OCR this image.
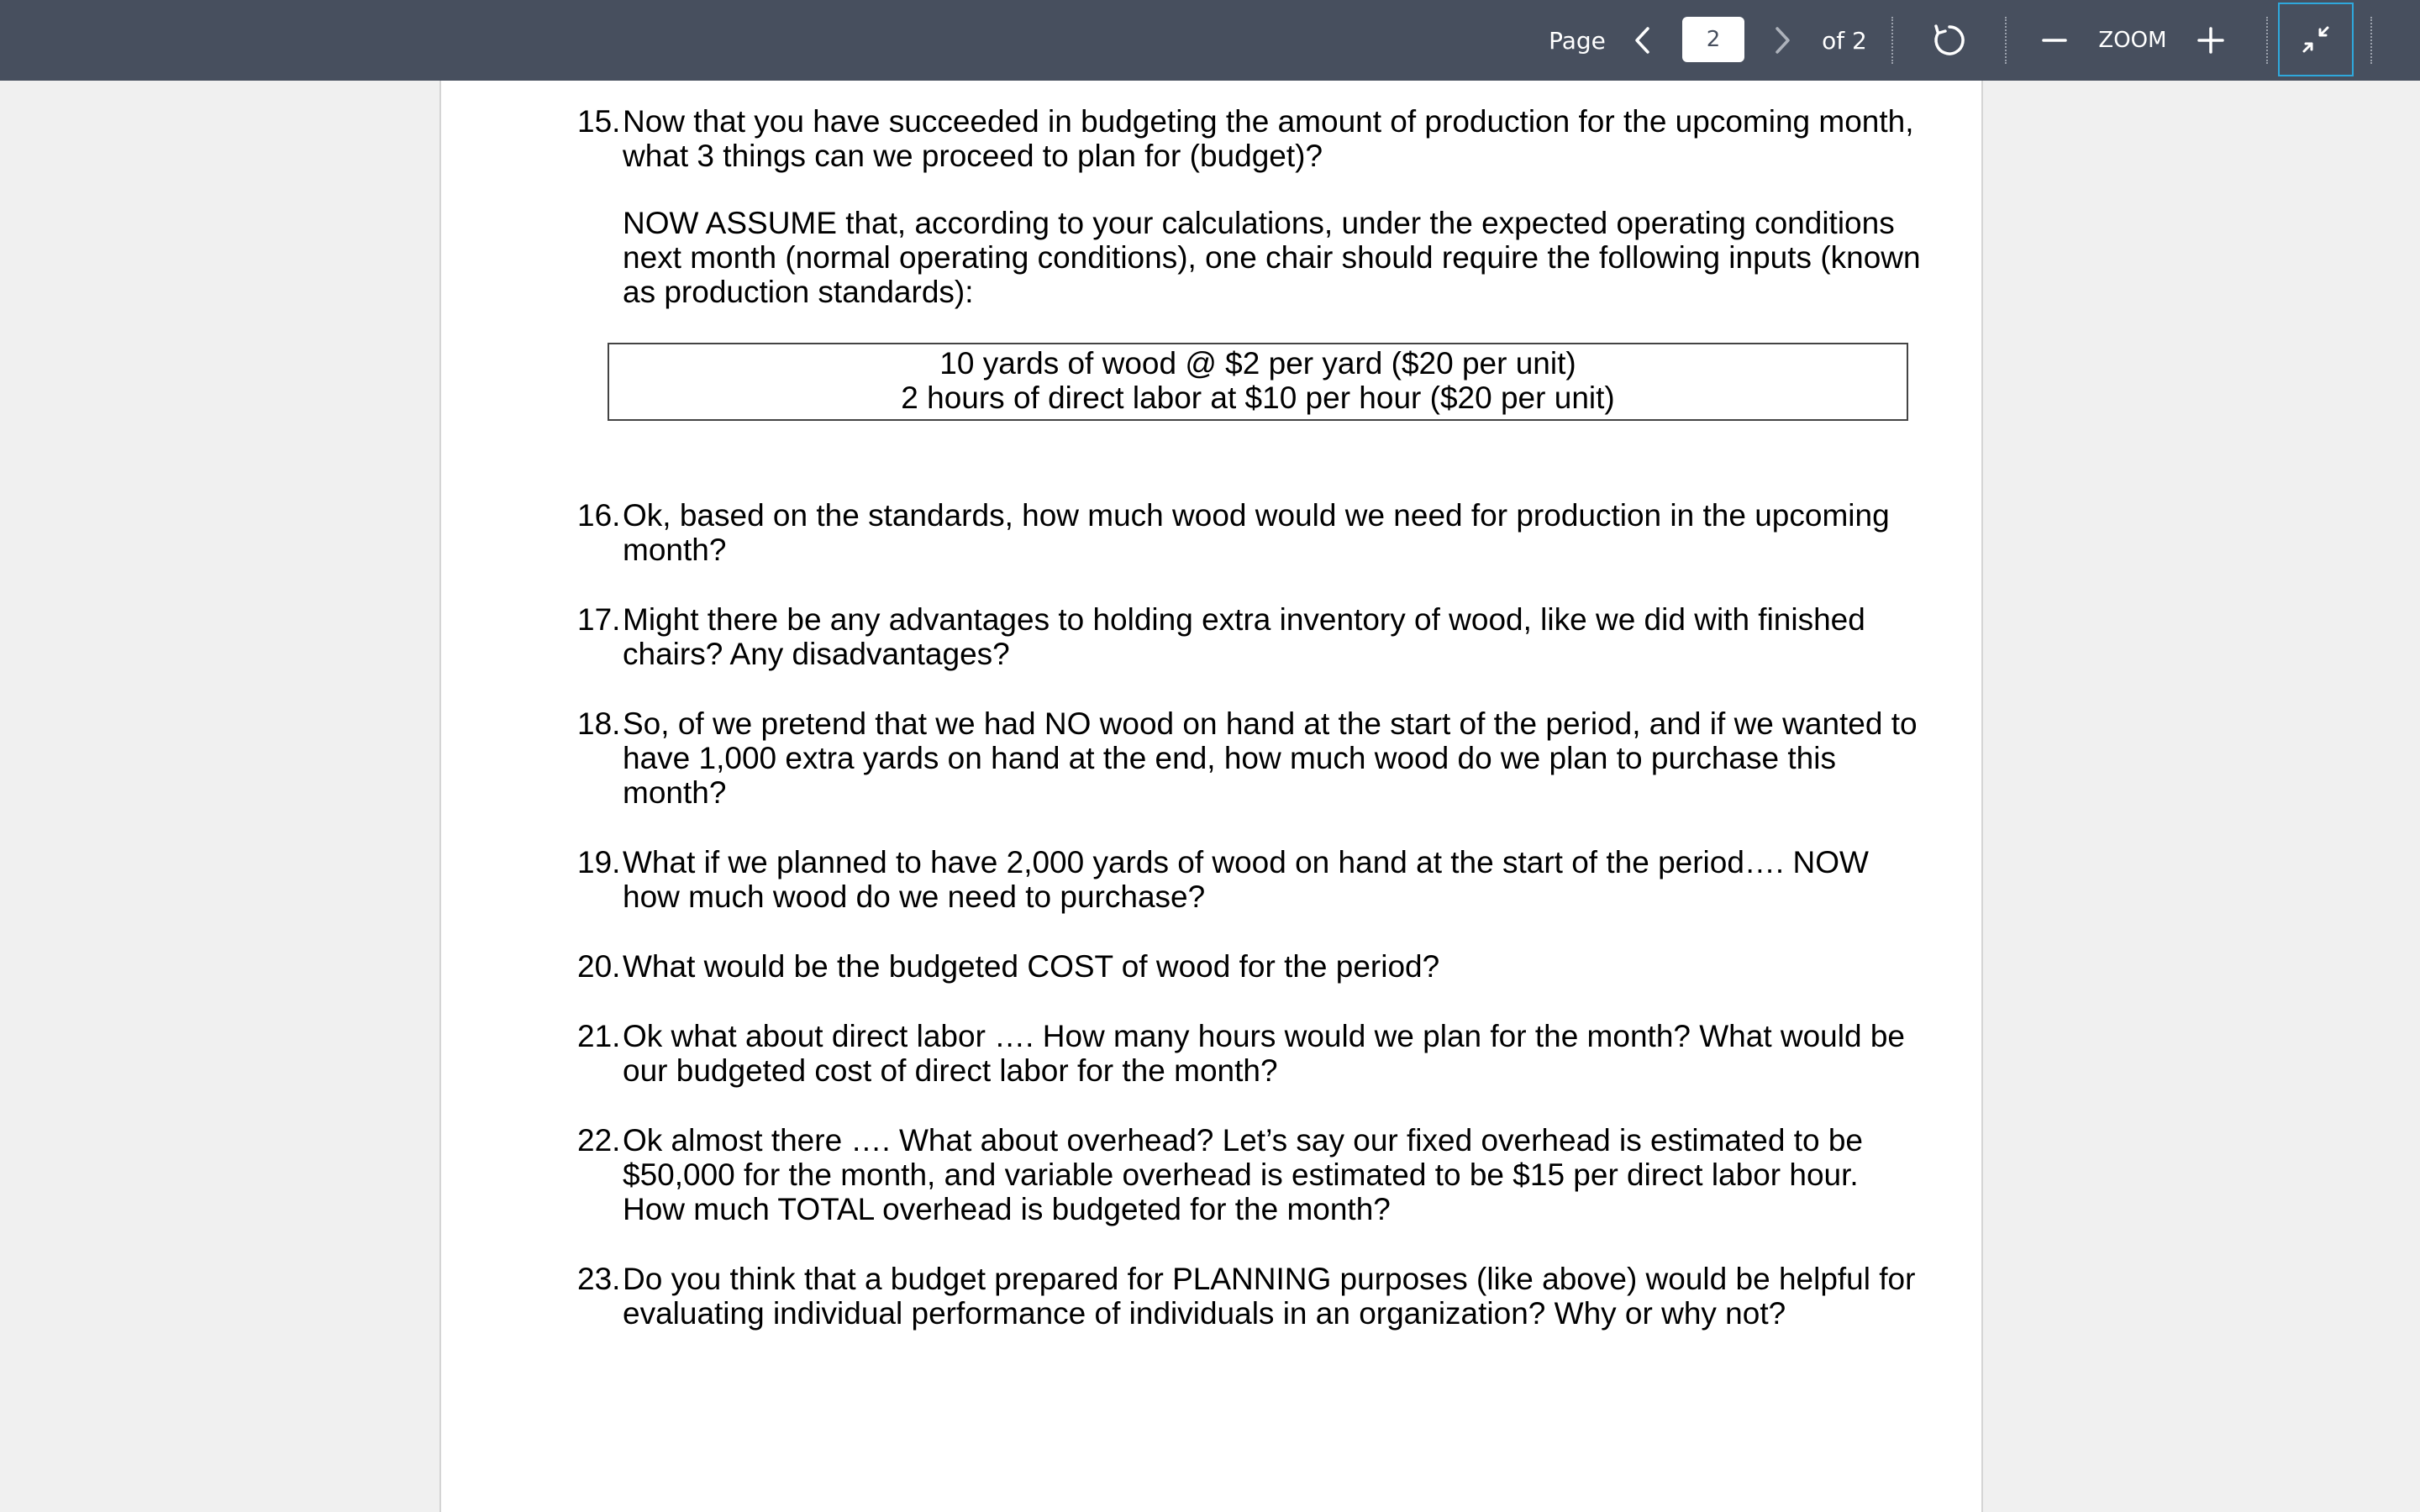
Page
2	of 2	ZOOM
15. Now that you have succeeded in budgeting the amount of production for the upcoming month,
what 3 things can we proceed to plan for (budget)?
NOW ASSUME that, according to your calculations, under the expected operating conditions
next month (normal operating conditions), one chair should require the following inputs (known
as production standards):
10 yards of wood @ $2 per yard ($20 per unit)
2 hours of direct labor at $10 per hour ($20 per unit)
16. Ok, based on the standards, how much wood would we need for production in the upcoming
month?
17. Might there be any advantages to holding extra inventory of wood, like we did with finished
chairs? Any disadvantages?
18. So, of we pretend that we had NO wood on hand at the start of the period, and if we wanted to
have 1,000 extra yards on hand at the end, how much wood do we plan to purchase this
month?
19. What if we planned to have 2,000 yards of wood on hand at the start of the period…. NOW
how much wood do we need to purchase?
20. What would be the budgeted COST of wood for the period?
21. Ok what about direct labor …. How many hours would we plan for the month? What would be
our budgeted cost of direct labor for the month?
22. Ok almost there …. What about overhead? Let’s say our fixed overhead is estimated to be
$50,000 for the month, and variable overhead is estimated to be $15 per direct labor hour.
How much TOTAL overhead is budgeted for the month?
23. Do you think that a budget prepared for PLANNING purposes (like above) would be helpful for
evaluating individual performance of individuals in an organization? Why or why not?
